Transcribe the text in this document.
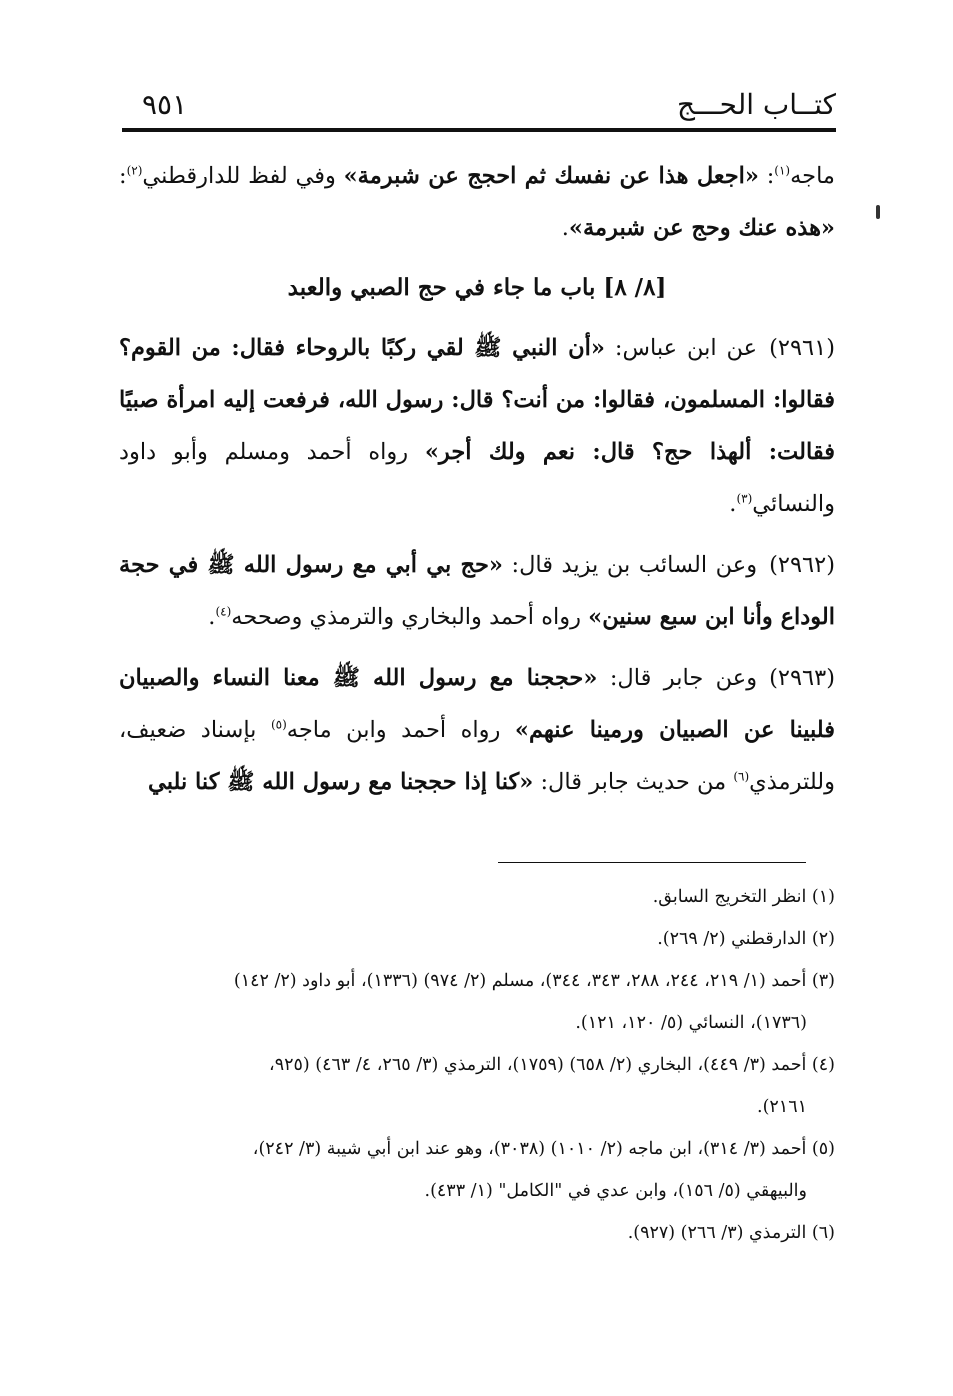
كتــاب الحـــج
٩٥١

ماجه$^{(١)}$: «اجعل هذا عن نفسك ثم احجج عن شبرمة» وفي لفظ للدارقطني$^{(٢)}$: «هذه عنك وحج عن شبرمة».

[٨/ ٨] باب ما جاء في حج الصبي والعبد

(٢٩٦١)عن ابن عباس: «أن النبي ﷺ لقي ركبًا بالروحاء فقال: من القوم؟ فقالوا: المسلمون، فقالوا: من أنت؟ قال: رسول الله، فرفعت إليه امرأة صبيًا فقالت: ألهذا حج؟ قال: نعم ولك أجر» رواه أحمد ومسلم وأبو داود والنسائي$^{(٣)}$.

(٢٩٦٢)وعن السائب بن يزيد قال: «حج بي أبي مع رسول الله ﷺ في حجة الوداع وأنا ابن سبع سنين» رواه أحمد والبخاري والترمذي وصححه$^{(٤)}$.

(٢٩٦٣)وعن جابر قال: «حججنا مع رسول الله ﷺ معنا النساء والصبيان فلبينا عن الصبيان ورمينا عنهم» رواه أحمد وابن ماجه$^{(٥)}$ بإسناد ضعيف، وللترمذي$^{(٦)}$ من حديث جابر قال: «كنا إذا حججنا مع رسول الله ﷺ كنا نلبي

(١) انظر التخريج السابق.

(٢) الدارقطني (٢/ ٢٦٩).

(٣) أحمد (١/ ٢١٩، ٢٤٤، ٢٨٨، ٣٤٣، ٣٤٤)، مسلم (٢/ ٩٧٤) (١٣٣٦)، أبو داود (٢/ ١٤٢)
(١٧٣٦)، النسائي (٥/ ١٢٠، ١٢١).

(٤) أحمد (٣/ ٤٤٩)، البخاري (٢/ ٦٥٨) (١٧٥٩)، الترمذي (٣/ ٢٦٥، ٤/ ٤٦٣) (٩٢٥،
٢١٦١).

(٥) أحمد (٣/ ٣١٤)، ابن ماجه (٢/ ١٠١٠) (٣٠٣٨)، وهو عند ابن أبي شيبة (٣/ ٢٤٢)،
والبيهقي (٥/ ١٥٦)، وابن عدي في "الكامل" (١/ ٤٣٣).

(٦) الترمذي (٣/ ٢٦٦) (٩٢٧).
